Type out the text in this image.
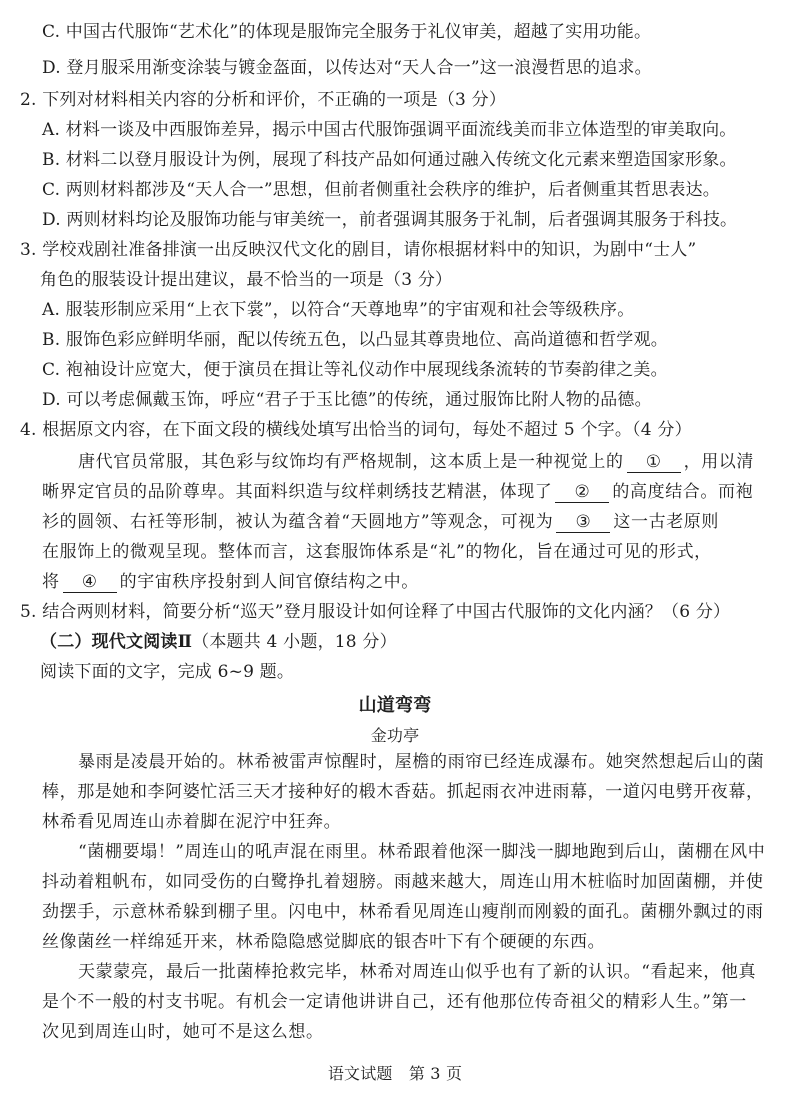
C. 中国古代服饰“艺术化”的体现是服饰完全服务于礼仪审美，超越了实用功能。
D. 登月服采用渐变涂装与镀金盔面，以传达对“天人合一”这一浪漫哲思的追求。
2. 下列对材料相关内容的分析和评价，不正确的一项是（3 分）
A. 材料一谈及中西服饰差异，揭示中国古代服饰强调平面流线美而非立体造型的审美取向。
B. 材料二以登月服设计为例，展现了科技产品如何通过融入传统文化元素来塑造国家形象。
C. 两则材料都涉及“天人合一”思想，但前者侧重社会秩序的维护，后者侧重其哲思表达。
D. 两则材料均论及服饰功能与审美统一，前者强调其服务于礼制，后者强调其服务于科技。
3. 学校戏剧社准备排演一出反映汉代文化的剧目，请你根据材料中的知识，为剧中“士人”
角色的服装设计提出建议，最不恰当的一项是（3 分）
A. 服装形制应采用“上衣下裳”，以符合“天尊地卑”的宇宙观和社会等级秩序。
B. 服饰色彩应鲜明华丽，配以传统五色，以凸显其尊贵地位、高尚道德和哲学观。
C. 袍袖设计应宽大，便于演员在揖让等礼仪动作中展现线条流转的节奏韵律之美。
D. 可以考虑佩戴玉饰，呼应“君子于玉比德”的传统，通过服饰比附人物的品德。
4. 根据原文内容，在下面文段的横线处填写出恰当的词句，每处不超过 5 个字。（4 分）
唐代官员常服，其色彩与纹饰均有严格规制，这本质上是一种视觉上的 ① ，用以清
晰界定官员的品阶尊卑。其面料织造与纹样刺绣技艺精湛，体现了 ② 的高度结合。而袍
衫的圆领、右衽等形制，被认为蕴含着“天圆地方”等观念，可视为 ③ 这一古老原则
在服饰上的微观呈现。整体而言，这套服饰体系是“礼”的物化，旨在通过可见的形式，
将 ④ 的宇宙秩序投射到人间官僚结构之中。
5. 结合两则材料，简要分析“巡天”登月服设计如何诠释了中国古代服饰的文化内涵？（6 分）
（二）现代文阅读Ⅱ（本题共 4 小题，18 分）
阅读下面的文字，完成 6~9 题。
山道弯弯
金功亭
暴雨是凌晨开始的。林希被雷声惊醒时，屋檐的雨帘已经连成瀑布。她突然想起后山的菌
棒，那是她和李阿婆忙活三天才接种好的椴木香菇。抓起雨衣冲进雨幕，一道闪电劈开夜幕，
林希看见周连山赤着脚在泥泞中狂奔。
“菌棚要塌！”周连山的吼声混在雨里。林希跟着他深一脚浅一脚地跑到后山，菌棚在风中
抖动着粗帆布，如同受伤的白鹭挣扎着翅膀。雨越来越大，周连山用木桩临时加固菌棚，并使
劲摆手，示意林希躲到棚子里。闪电中，林希看见周连山瘦削而刚毅的面孔。菌棚外飘过的雨
丝像菌丝一样绵延开来，林希隐隐感觉脚底的银杏叶下有个硬硬的东西。
天蒙蒙亮，最后一批菌棒抢救完毕，林希对周连山似乎也有了新的认识。“看起来，他真
是个不一般的村支书呢。有机会一定请他讲讲自己，还有他那位传奇祖父的精彩人生。”第一
次见到周连山时，她可不是这么想。
语文试题　第 3 页
